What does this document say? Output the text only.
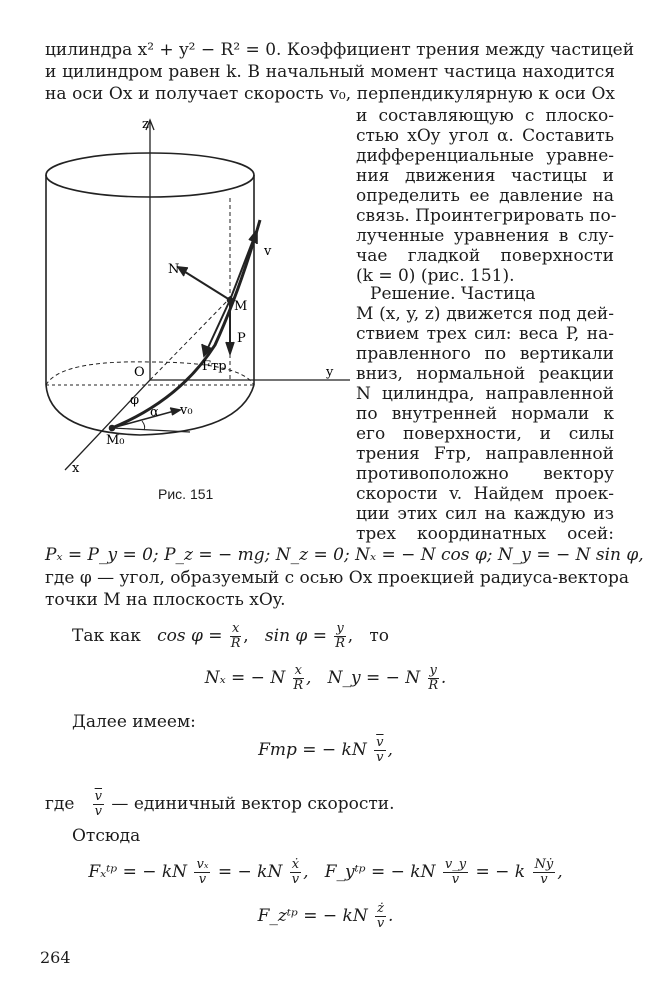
цилиндра x² + y² − R² = 0. Коэффициент трения между частицей
и цилиндром равен k. В начальный момент частица находится
на оси Ox и получает скорость v₀, перпендикулярную к оси Ox
и составляющую с плоско-
стью xOy угол α. Составить
дифференциальные уравне-
ния движения частицы и
определить ее давление на
связь. Проинтегрировать по-
лученные уравнения в слу-
чае гладкой поверхности
(k = 0) (рис. 151).
Решение. Частица
M (x, y, z) движется под дей-
ствием трех сил: веса P, на-
правленного по вертикали
вниз, нормальной реакции
N цилиндра, направленной
по внутренней нормали к
его поверхности, и силы
трения Fтр, направленной
противоположно вектору
скорости v. Найдем проек-
ции этих сил на каждую из
трех координатных осей:
z
y
x
O
M
M₀
N
v
P
Fтр
φ
α v₀
Рис. 151
Pₓ = P_y = 0; P_z = − mg; N_z = 0; Nₓ = − N cos φ; N_y = − N sin φ,
где φ — угол, образуемый с осью Ox проекцией радиуса-вектора
точки M на плоскость xOy.
Так как $\cos \varphi = \frac{x}{R}$ ,   $\sin \varphi = \frac{y}{R}$ ,   то
Nₓ = − N $\frac{x}{R}$ ,   N_y = − N $\frac{y}{R}$ .
Далее имеем:
Fтр = − kN $\frac{\overline{v}}{v}$ ,
где $\frac{\overline{v}}{v}$ — единичный вектор скорости.
Отсюда
Fₓᵗᵖ = − kN $\frac{\text{vₓ}}{v}$ = − kN $\frac{\text{ẋ}}{v}$ ,   F_yᵗᵖ = − kN $\frac{v\_y}{v}$ = − k $\frac{\text{Nẏ}}{v}$ ,
F_zᵗᵖ = − kN $\frac{ż}{v}$ .
264
